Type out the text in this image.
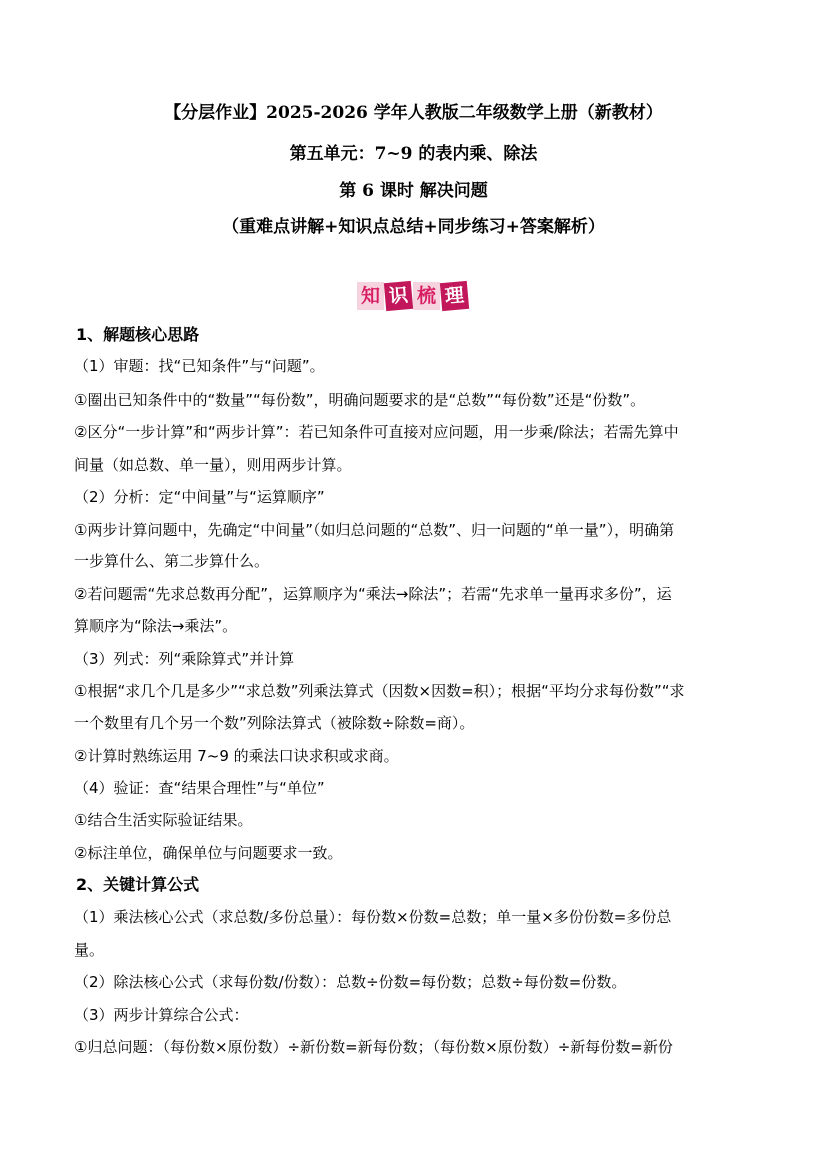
【分层作业】2025-2026 学年人教版二年级数学上册（新教材）
第五单元：7~9 的表内乘、除法
第 6 课时 解决问题
（重难点讲解+知识点总结+同步练习+答案解析）
知 识 梳 理

1、解题核心思路

（1）审题：找“已知条件”与“问题”。

①圈出已知条件中的“数量”“每份数”，明确问题要求的是“总数”“每份数”还是“份数”。

②区分“一步计算”和“两步计算”：若已知条件可直接对应问题，用一步乘/除法；若需先算中

间量（如总数、单一量），则用两步计算。

（2）分析：定“中间量”与“运算顺序”

①两步计算问题中，先确定“中间量”（如归总问题的“总数”、归一问题的“单一量”），明确第

一步算什么、第二步算什么。

②若问题需“先求总数再分配”，运算顺序为“乘法→除法”；若需“先求单一量再求多份”，运

算顺序为“除法→乘法”。

（3）列式：列“乘除算式”并计算

①根据“求几个几是多少”“求总数”列乘法算式（因数×因数=积）；根据“平均分求每份数”“求

一个数里有几个另一个数”列除法算式（被除数÷除数=商）。

②计算时熟练运用 7~9 的乘法口诀求积或求商。

（4）验证：查“结果合理性”与“单位”

①结合生活实际验证结果。

②标注单位，确保单位与问题要求一致。

2、关键计算公式

（1）乘法核心公式（求总数/多份总量）：每份数×份数=总数；单一量×多份份数=多份总

量。

（2）除法核心公式（求每份数/份数）：总数÷份数=每份数；总数÷每份数=份数。

（3）两步计算综合公式：

①归总问题：（每份数×原份数）÷新份数=新每份数；（每份数×原份数）÷新每份数=新份
